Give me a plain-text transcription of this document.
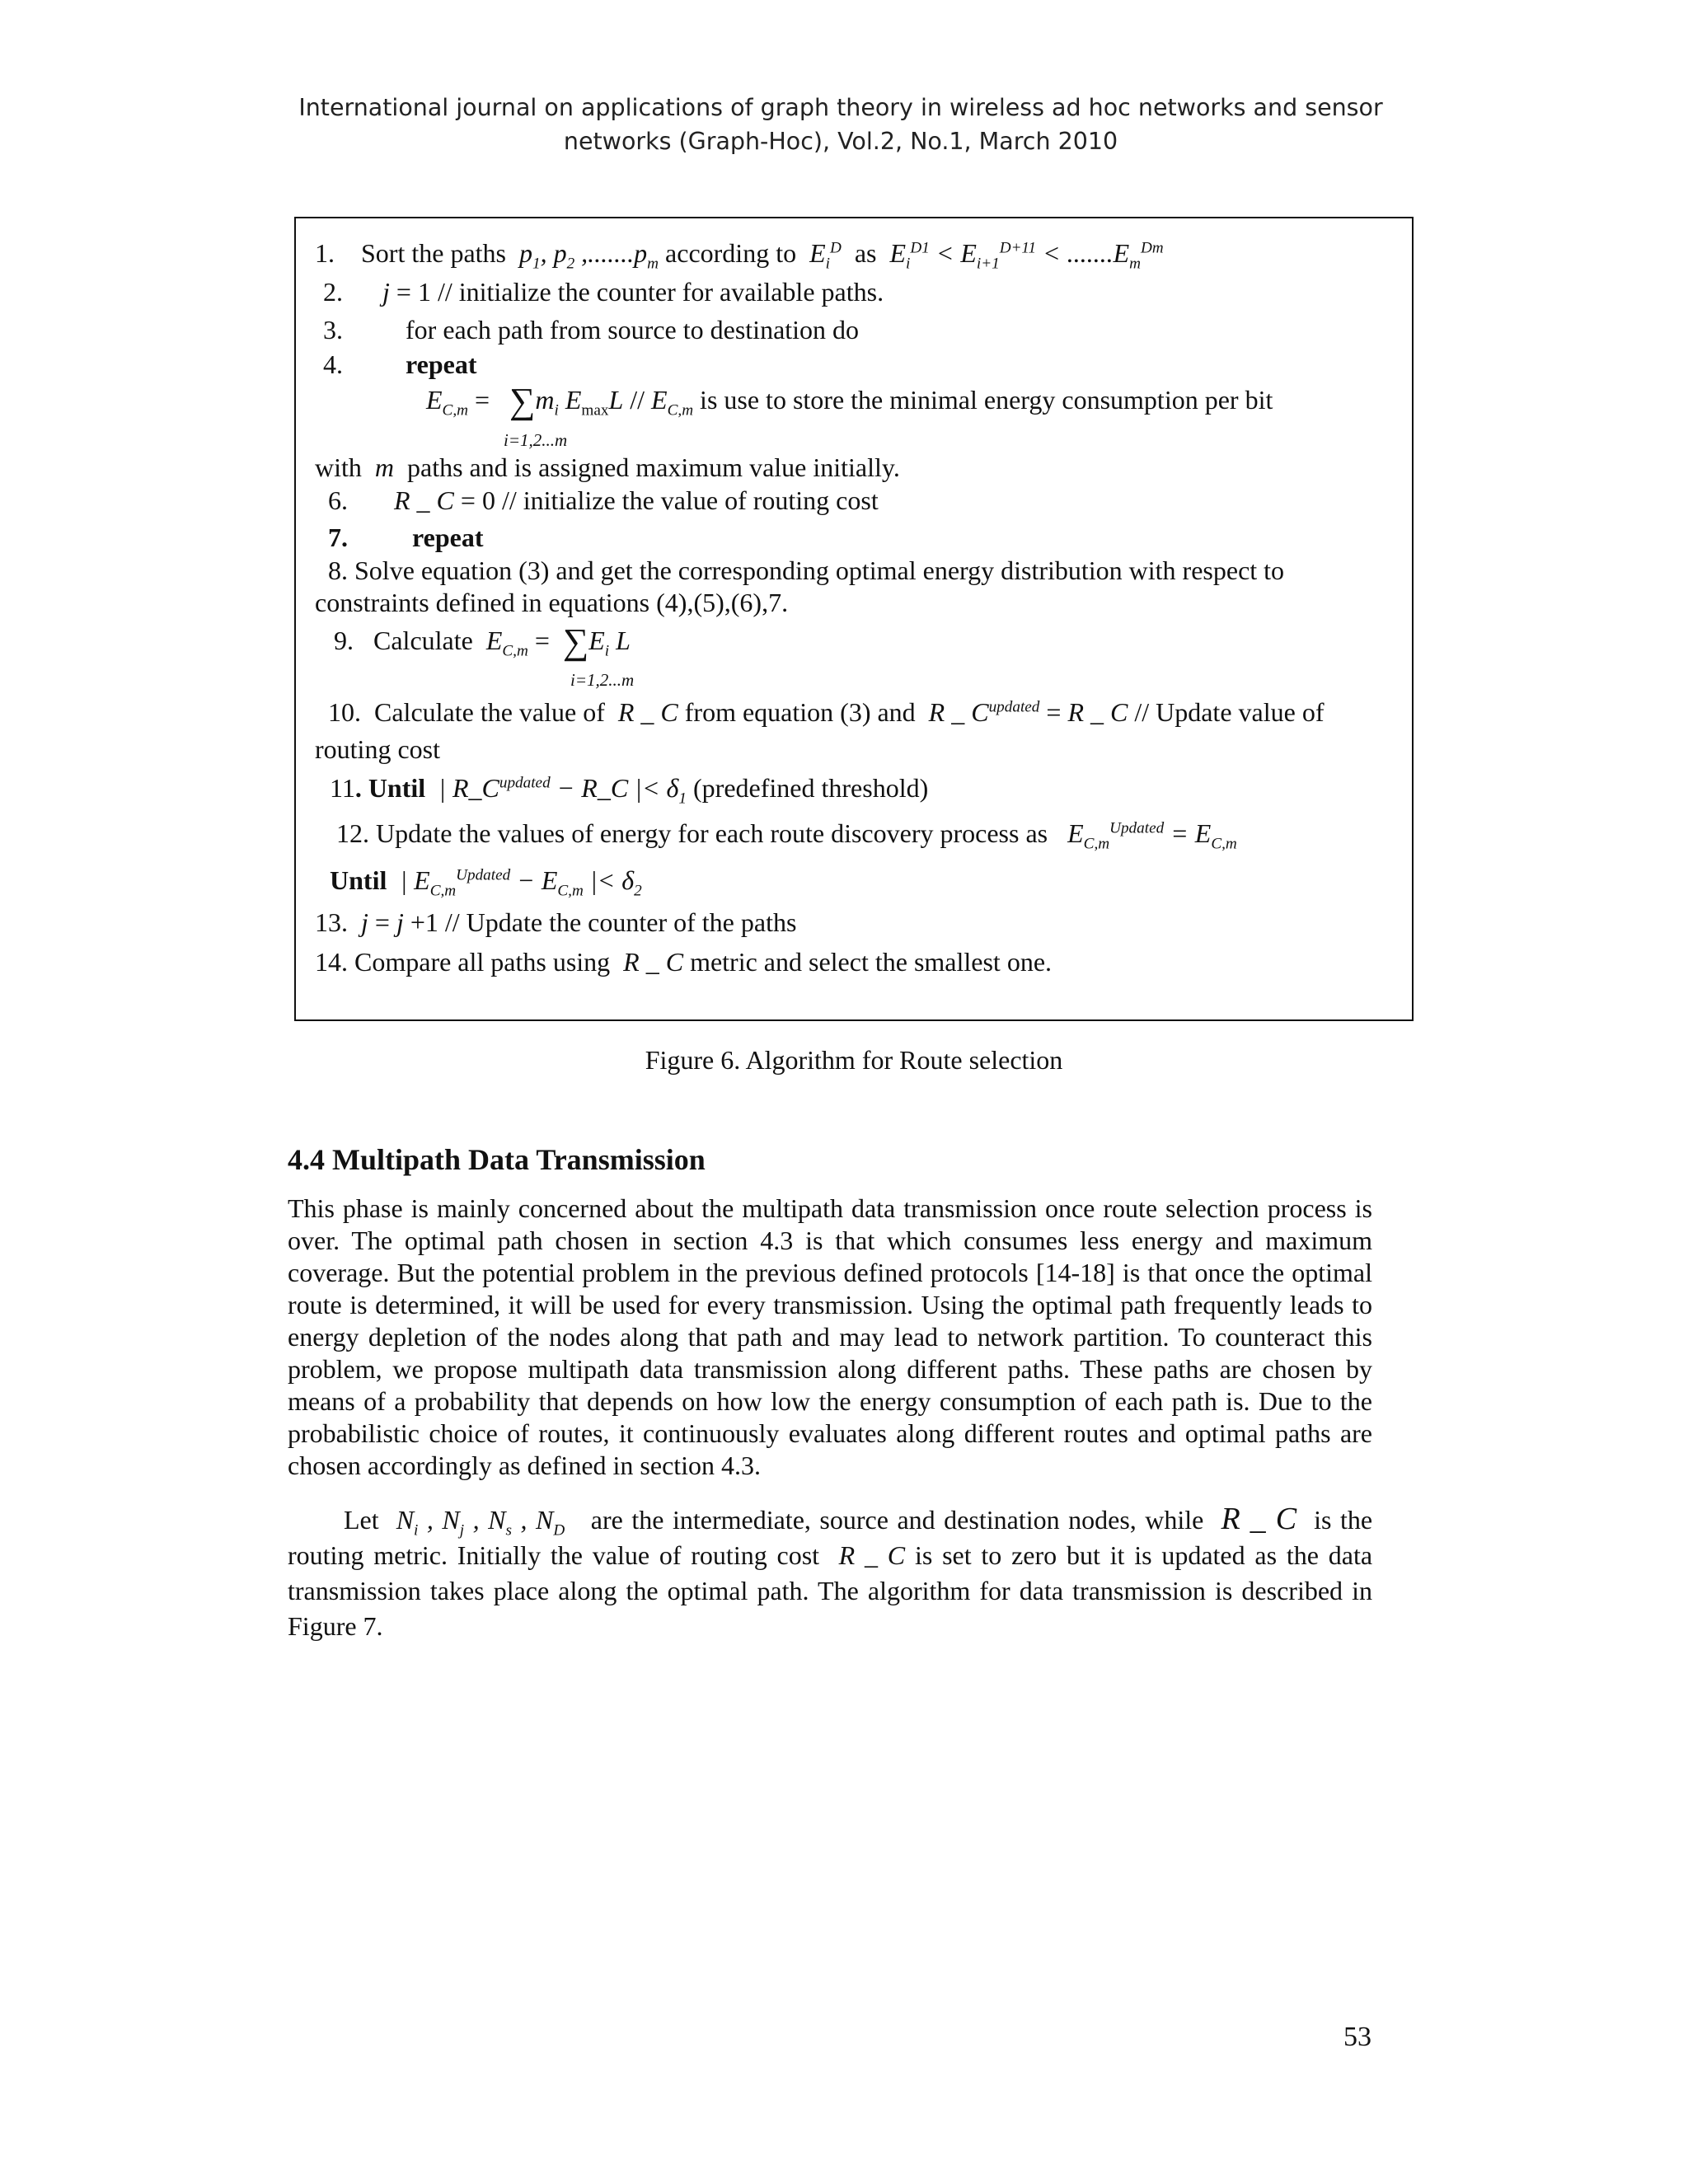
International journal on applications of graph theory in wireless ad hoc networks and sensor
networks (Graph-Hoc), Vol.2, No.1, March 2010
1. Sort the paths $p_1$, $p_2$ $,.......p_m$ according to $E_i^D$ as $E_i^{D1} < E_{i+1}^{D+11} < .......E_m^{Dm}$
2. j = 1 // initialize the counter for available paths.
3. for each path from source to destination do
4. repeat
$E_{C,m} = \sum m_i$ $E_{max}L // E_{C,m}$ is use to store the minimal energy consumption per bit
i=1,2...m
with m paths and is assigned maximum value initially.
6. R _ C = 0 // initialize the value of routing cost
7. repeat
8. Solve equation (3) and get the corresponding optimal energy distribution with respect to
constraints defined in equations (4),(5),(6),7.
9. Calculate $E_{C,m} = \sum E_i$ L
i=1,2...m
10. Calculate the value of R _ C from equation (3) and R _ $C^{updated} = R$ _ C // Update value of
routing cost
11. Until | $R\_C^{updated}$ − R_C |< $\delta_1$ (predefined threshold)
12. Update the values of energy for each route discovery process as $E_{C,m}^{Updated} = E_{C,m}$
Until | $E_{C,m}^{Updated} - E_{C,m}$ |< $\delta_2$
13. j = j +1 // Update the counter of the paths
14. Compare all paths using R _ C metric and select the smallest one.
Figure 6. Algorithm for Route selection
4.4 Multipath Data Transmission

This phase is mainly concerned about the multipath data transmission once route selection process is over. The optimal path chosen in section 4.3 is that which consumes less energy and maximum coverage. But the potential problem in the previous defined protocols [14-18] is that once the optimal route is determined, it will be used for every transmission. Using the optimal path frequently leads to energy depletion of the nodes along that path and may lead to network partition. To counteract this problem, we propose multipath data transmission along different paths. These paths are chosen by means of a probability that depends on how low the energy consumption of each path is. Due to the probabilistic choice of routes, it continuously evaluates along different routes and optimal paths are chosen accordingly as defined in section 4.3.

Let $N_i$ , $N_j$ , $N_s$ , $N_D$ are the intermediate, source and destination nodes, while R _ C is the routing metric. Initially the value of routing cost R _ C is set to zero but it is updated as the data transmission takes place along the optimal path. The algorithm for data transmission is described in Figure 7.

53
